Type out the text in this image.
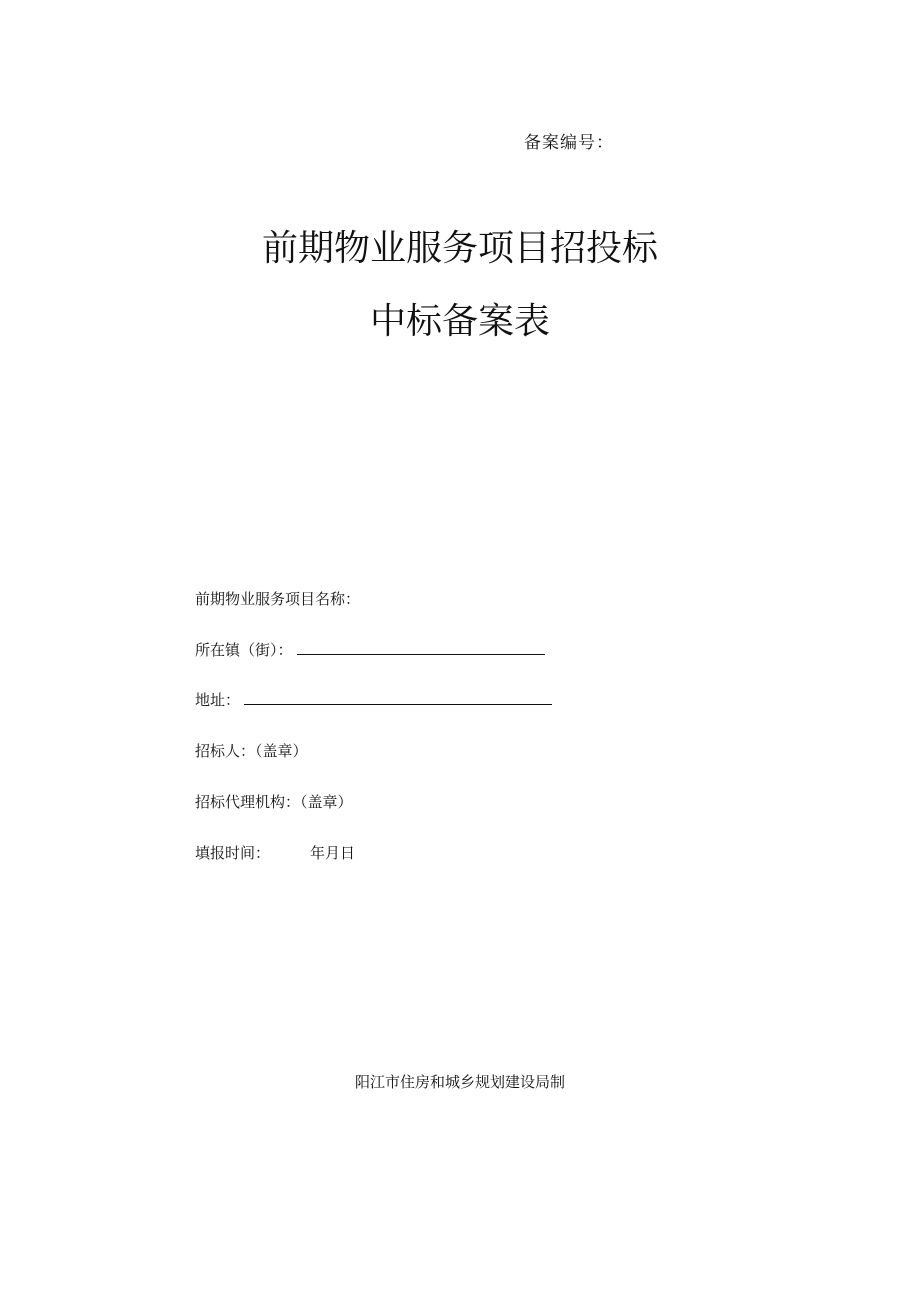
备案编号：
前期物业服务项目招投标
中标备案表
前期物业服务项目名称：
所在镇（街）：
地址：
招标人：（盖章）
招标代理机构：（盖章）
填报时间：	年月日
阳江市住房和城乡规划建设局制
